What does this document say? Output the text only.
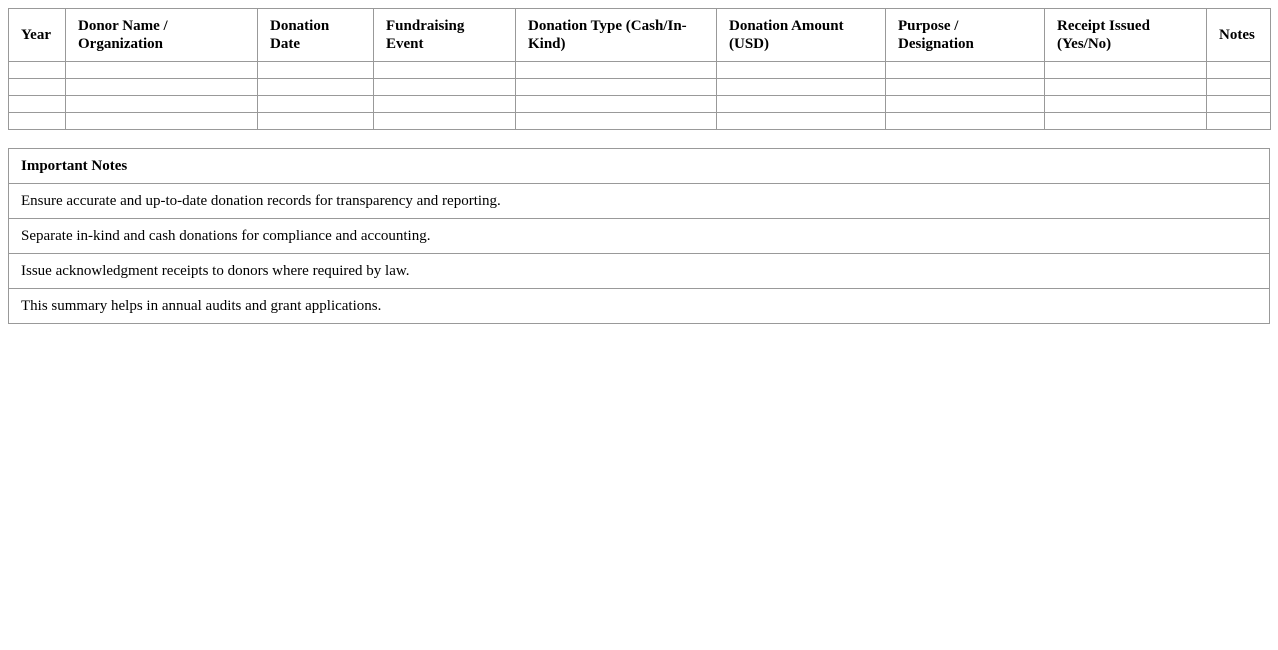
Year	Donor Name / Organization	Donation Date	Fundraising Event	Donation Type (Cash/In-Kind)	Donation Amount (USD)	Purpose / Designation	Receipt Issued (Yes/No)	Notes

Important Notes
Ensure accurate and up-to-date donation records for transparency and reporting.
Separate in-kind and cash donations for compliance and accounting.
Issue acknowledgment receipts to donors where required by law.
This summary helps in annual audits and grant applications.
